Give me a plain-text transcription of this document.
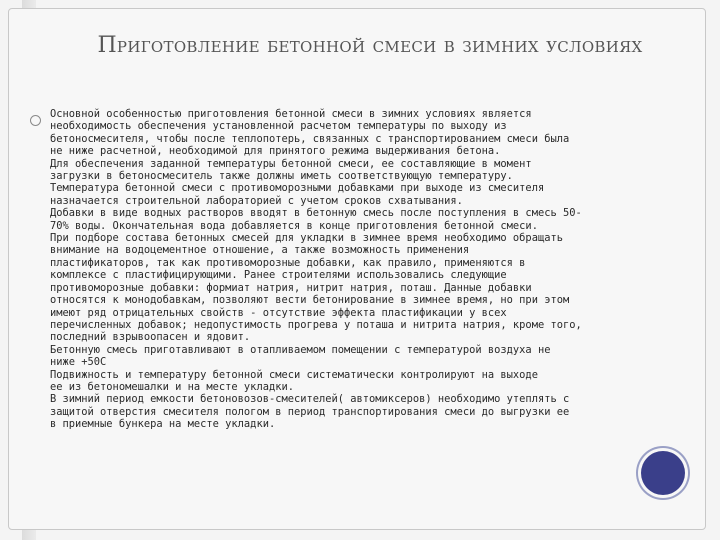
Приготовление бетонной смеси в зимних условиях
Основной особенностью приготовления бетонной смеси в зимних условиях является
необходимость обеспечения установленной расчетом температуры по выходу из
бетоносмесителя, чтобы после теплопотерь, связанных с транспортированием смеси была
не ниже расчетной, необходимой для принятого режима выдерживания бетона.
Для обеспечения заданной температуры бетонной смеси, ее составляющие в момент
загрузки в бетоносмеситель также должны иметь соответствующую температуру.
Температура бетонной смеси с противоморозными добавками при выходе из смесителя
назначается строительной лабораторией с учетом сроков схватывания.
Добавки в виде водных растворов вводят в бетонную смесь после поступления в смесь 50-
70% воды. Окончательная вода добавляется в конце приготовления бетонной смеси.
При подборе состава бетонных смесей для укладки в зимнее время необходимо обращать
внимание на водоцементное отношение, а также возможность применения
пластификаторов, так как противоморозные добавки, как правило, применяются в
комплексе с пластифицирующими. Ранее строителями использовались следующие
противоморозные добавки: формиат натрия, нитрит натрия, поташ. Данные добавки
относятся к монодобавкам, позволяют вести бетонирование в зимнее время, но при этом
имеют ряд отрицательных свойств - отсутствие эффекта пластификации у всех
перечисленных добавок; недопустимость прогрева у поташа и нитрита натрия, кроме того,
последний взрывоопасен и ядовит.
Бетонную смесь приготавливают в отапливаемом помещении с температурой воздуха не
ниже +50С
Подвижность и температуру бетонной смеси систематически контролируют на выходе
ее из бетономешалки и на месте укладки.
В зимний период емкости бетоновозов-смесителей( автомиксеров) необходимо утеплять с
защитой отверстия смесителя пологом в период транспортирования смеси до выгрузки ее
в приемные бункера на месте укладки.
